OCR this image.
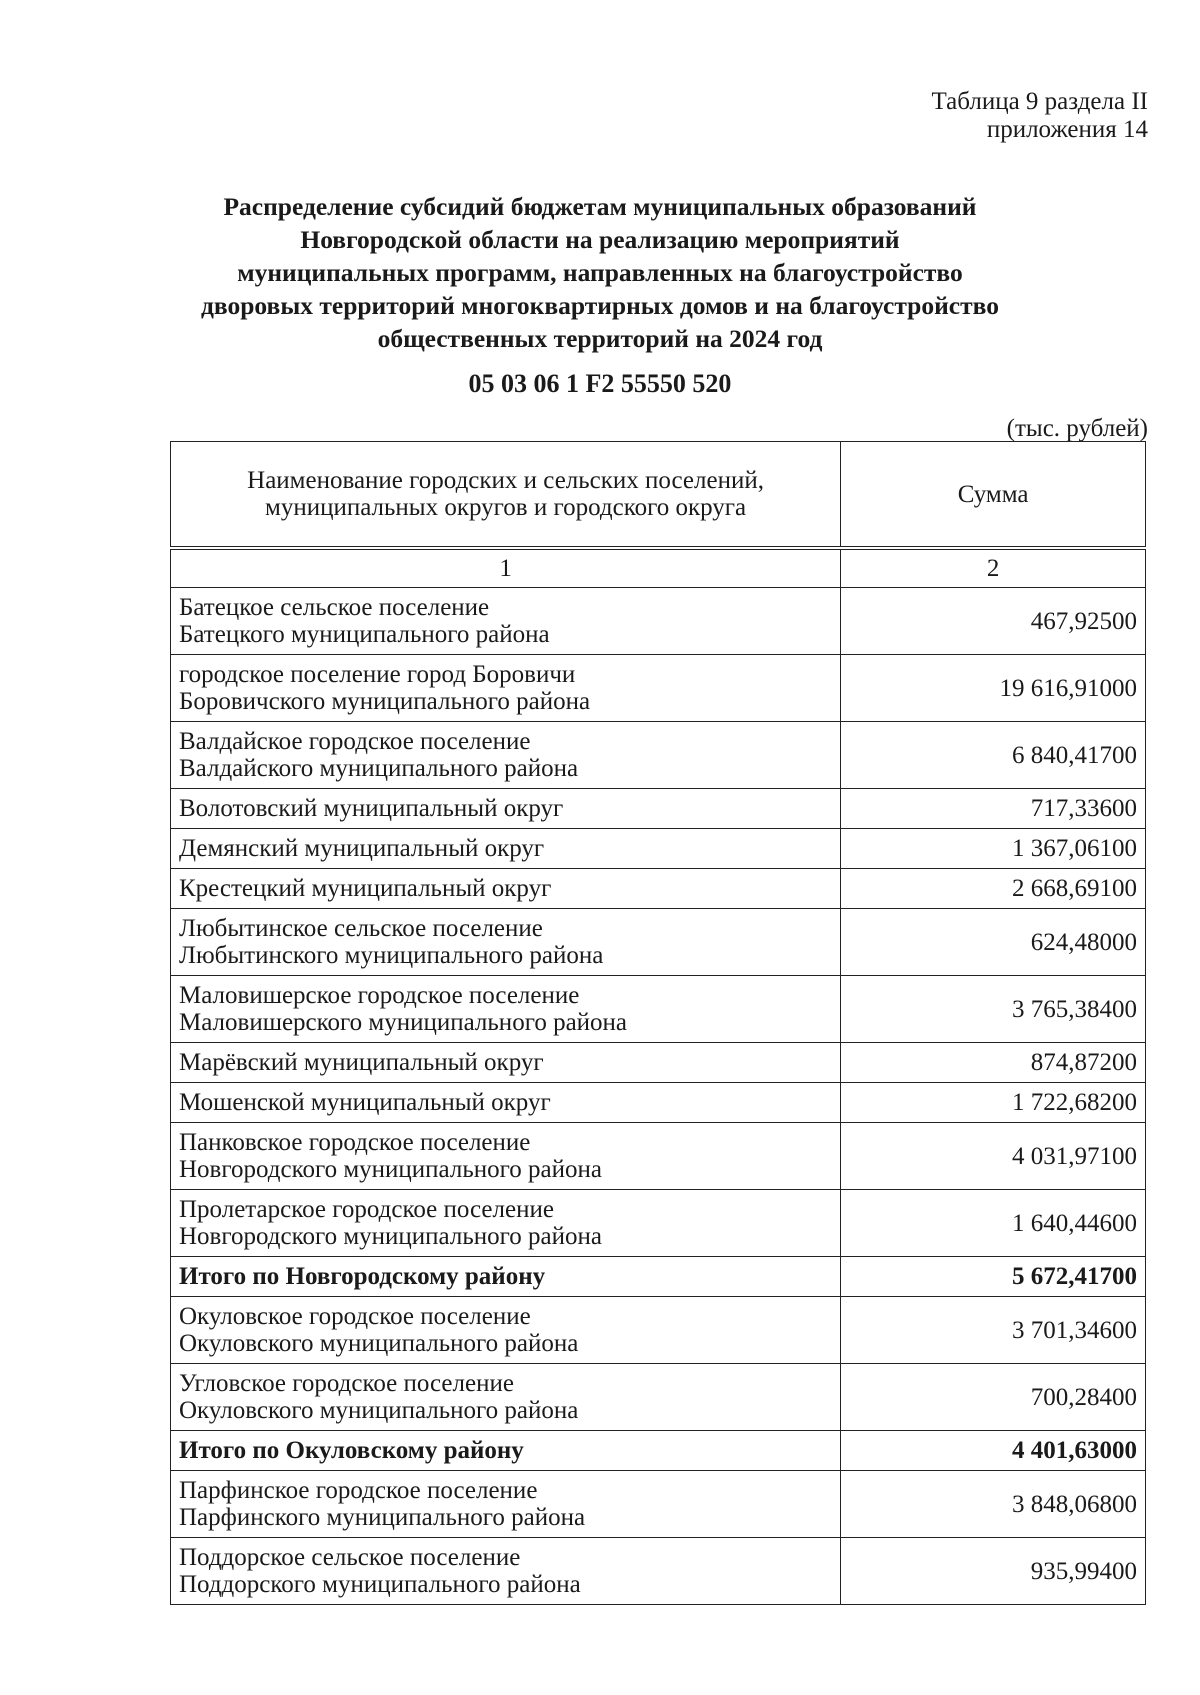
Таблица 9 раздела II
приложения 14
Распределение субсидий бюджетам муниципальных образований
Новгородской области на реализацию мероприятий
муниципальных программ, направленных на благоустройство
дворовых территорий многоквартирных домов и на благоустройство
общественных территорий на 2024 год
05 03 06 1 F2 55550 520
(тыс. рублей)
Наименование городских и сельских поселений,
муниципальных округов и городского округа	Сумма
1	2

Батецкое сельское поселение
Батецкого муниципального района	467,92500

городское поселение город Боровичи
Боровичского муниципального района	19 616,91000

Валдайское городское поселение
Валдайского муниципального района	6 840,41700
Волотовский муниципальный округ	717,33600
Демянский муниципальный округ	1 367,06100
Крестецкий муниципальный округ	2 668,69100

Любытинское сельское поселение
Любытинского муниципального района	624,48000

Маловишерское городское поселение
Маловишерского муниципального района	3 765,38400
Марёвский муниципальный округ	874,87200
Мошенской муниципальный округ	1 722,68200

Панковское городское поселение
Новгородского муниципального района	4 031,97100

Пролетарское городское поселение
Новгородского муниципального района	1 640,44600
Итого по Новгородскому району	5 672,41700

Окуловское городское поселение
Окуловского муниципального района	3 701,34600

Угловское городское поселение
Окуловского муниципального района	700,28400
Итого по Окуловскому району	4 401,63000

Парфинское городское поселение
Парфинского муниципального района	3 848,06800

Поддорское сельское поселение
Поддорского муниципального района	935,99400
